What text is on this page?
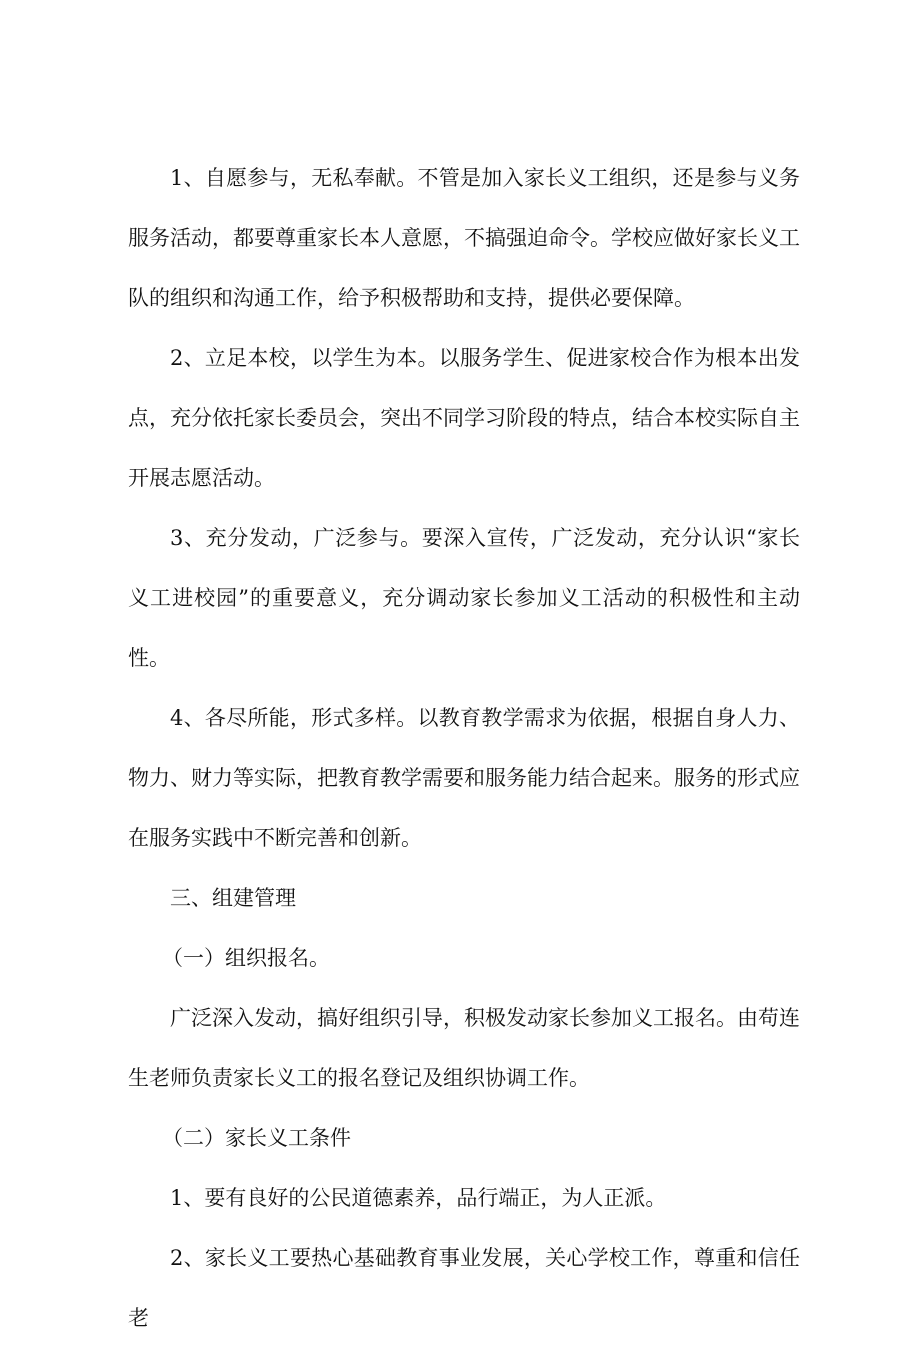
1、自愿参与，无私奉献。不管是加入家长义工组织，还是参与义务服务活动，都要尊重家长本人意愿，不搞强迫命令。学校应做好家长义工队的组织和沟通工作，给予积极帮助和支持，提供必要保障。

2、立足本校，以学生为本。以服务学生、促进家校合作为根本出发点，充分依托家长委员会，突出不同学习阶段的特点，结合本校实际自主开展志愿活动。

3、充分发动，广泛参与。要深入宣传，广泛发动，充分认识“家长义工进校园”的重要意义，充分调动家长参加义工活动的积极性和主动性。

4、各尽所能，形式多样。以教育教学需求为依据，根据自身人力、物力、财力等实际，把教育教学需要和服务能力结合起来。服务的形式应在服务实践中不断完善和创新。

三、组建管理

（一）组织报名。

广泛深入发动，搞好组织引导，积极发动家长参加义工报名。由苟连生老师负责家长义工的报名登记及组织协调工作。

（二）家长义工条件

1、要有良好的公民道德素养，品行端正，为人正派。

2、家长义工要热心基础教育事业发展，关心学校工作，尊重和信任老
